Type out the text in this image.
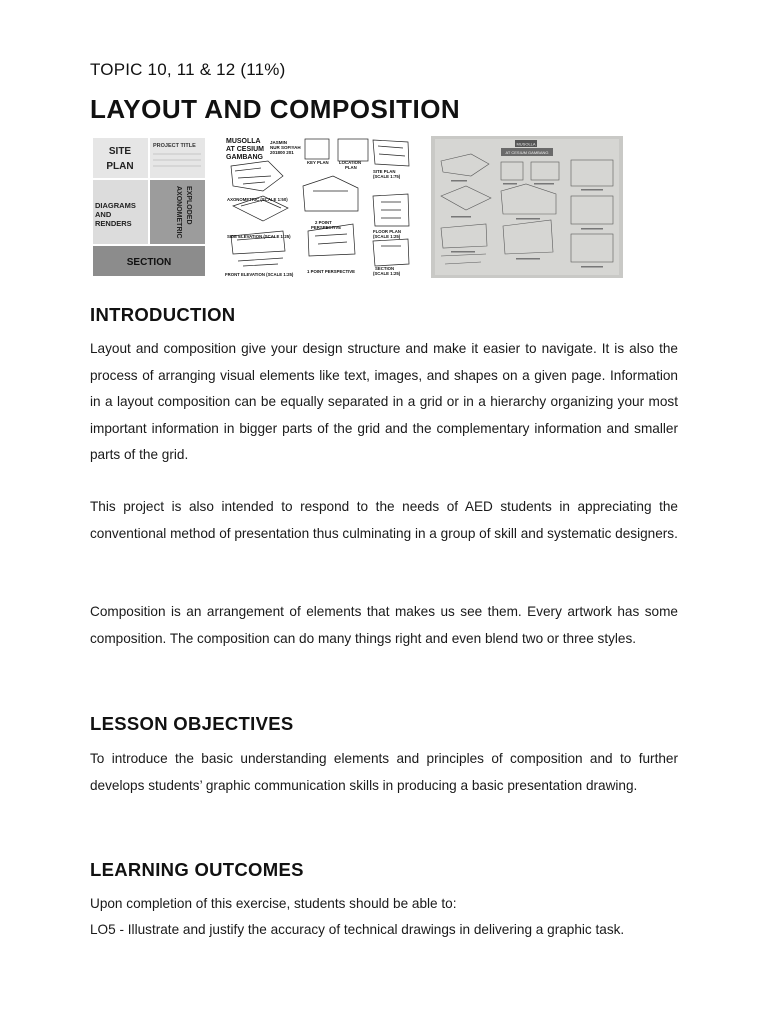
TOPIC 10, 11 & 12 (11%)
LAYOUT AND COMPOSITION
SITE
PLAN
PROJECT TITLE
DIAGRAMS
AND
RENDERS	EXPLODED
AXONOMETRIC
SECTION
MUSOLLA
AT CESIUM
GAMBANG
JASMIN
NUR SOFIYAH
201800 201
KEY PLAN LOCATION
PLAN
SITE PLAN
(SCALE 1:75)
AXONOMETRIC (SCALE 1:50)
2 POINT
PERSPECTIVE
SIDE ELEVATION (SCALE 1:25)
FLOOR PLAN
(SCALE 1:25)
FRONT ELEVATION (SCALE 1:25)
1 POINT PERSPECTIVE
SECTION
(SCALE 1:25)
MUSOLLA
AT CESIUM GAMBANG
INTRODUCTION
Layout and composition give your design structure and make it easier to navigate. It is also the process of arranging visual elements like text, images, and shapes on a given page. Information in a layout composition can be equally separated in a grid or in a hierarchy organizing your most important information in bigger parts of the grid and the complementary information and smaller parts of the grid.
This project is also intended to respond to the needs of AED students in appreciating the conventional method of presentation thus culminating in a group of skill and systematic designers.
Composition is an arrangement of elements that makes us see them. Every artwork has some composition. The composition can do many things right and even blend two or three styles.
LESSON OBJECTIVES
To introduce the basic understanding elements and principles of composition and to further develops students’ graphic communication skills in producing a basic presentation drawing.
LEARNING OUTCOMES
Upon completion of this exercise, students should be able to:
LO5 - Illustrate and justify the accuracy of technical drawings in delivering a graphic task.
